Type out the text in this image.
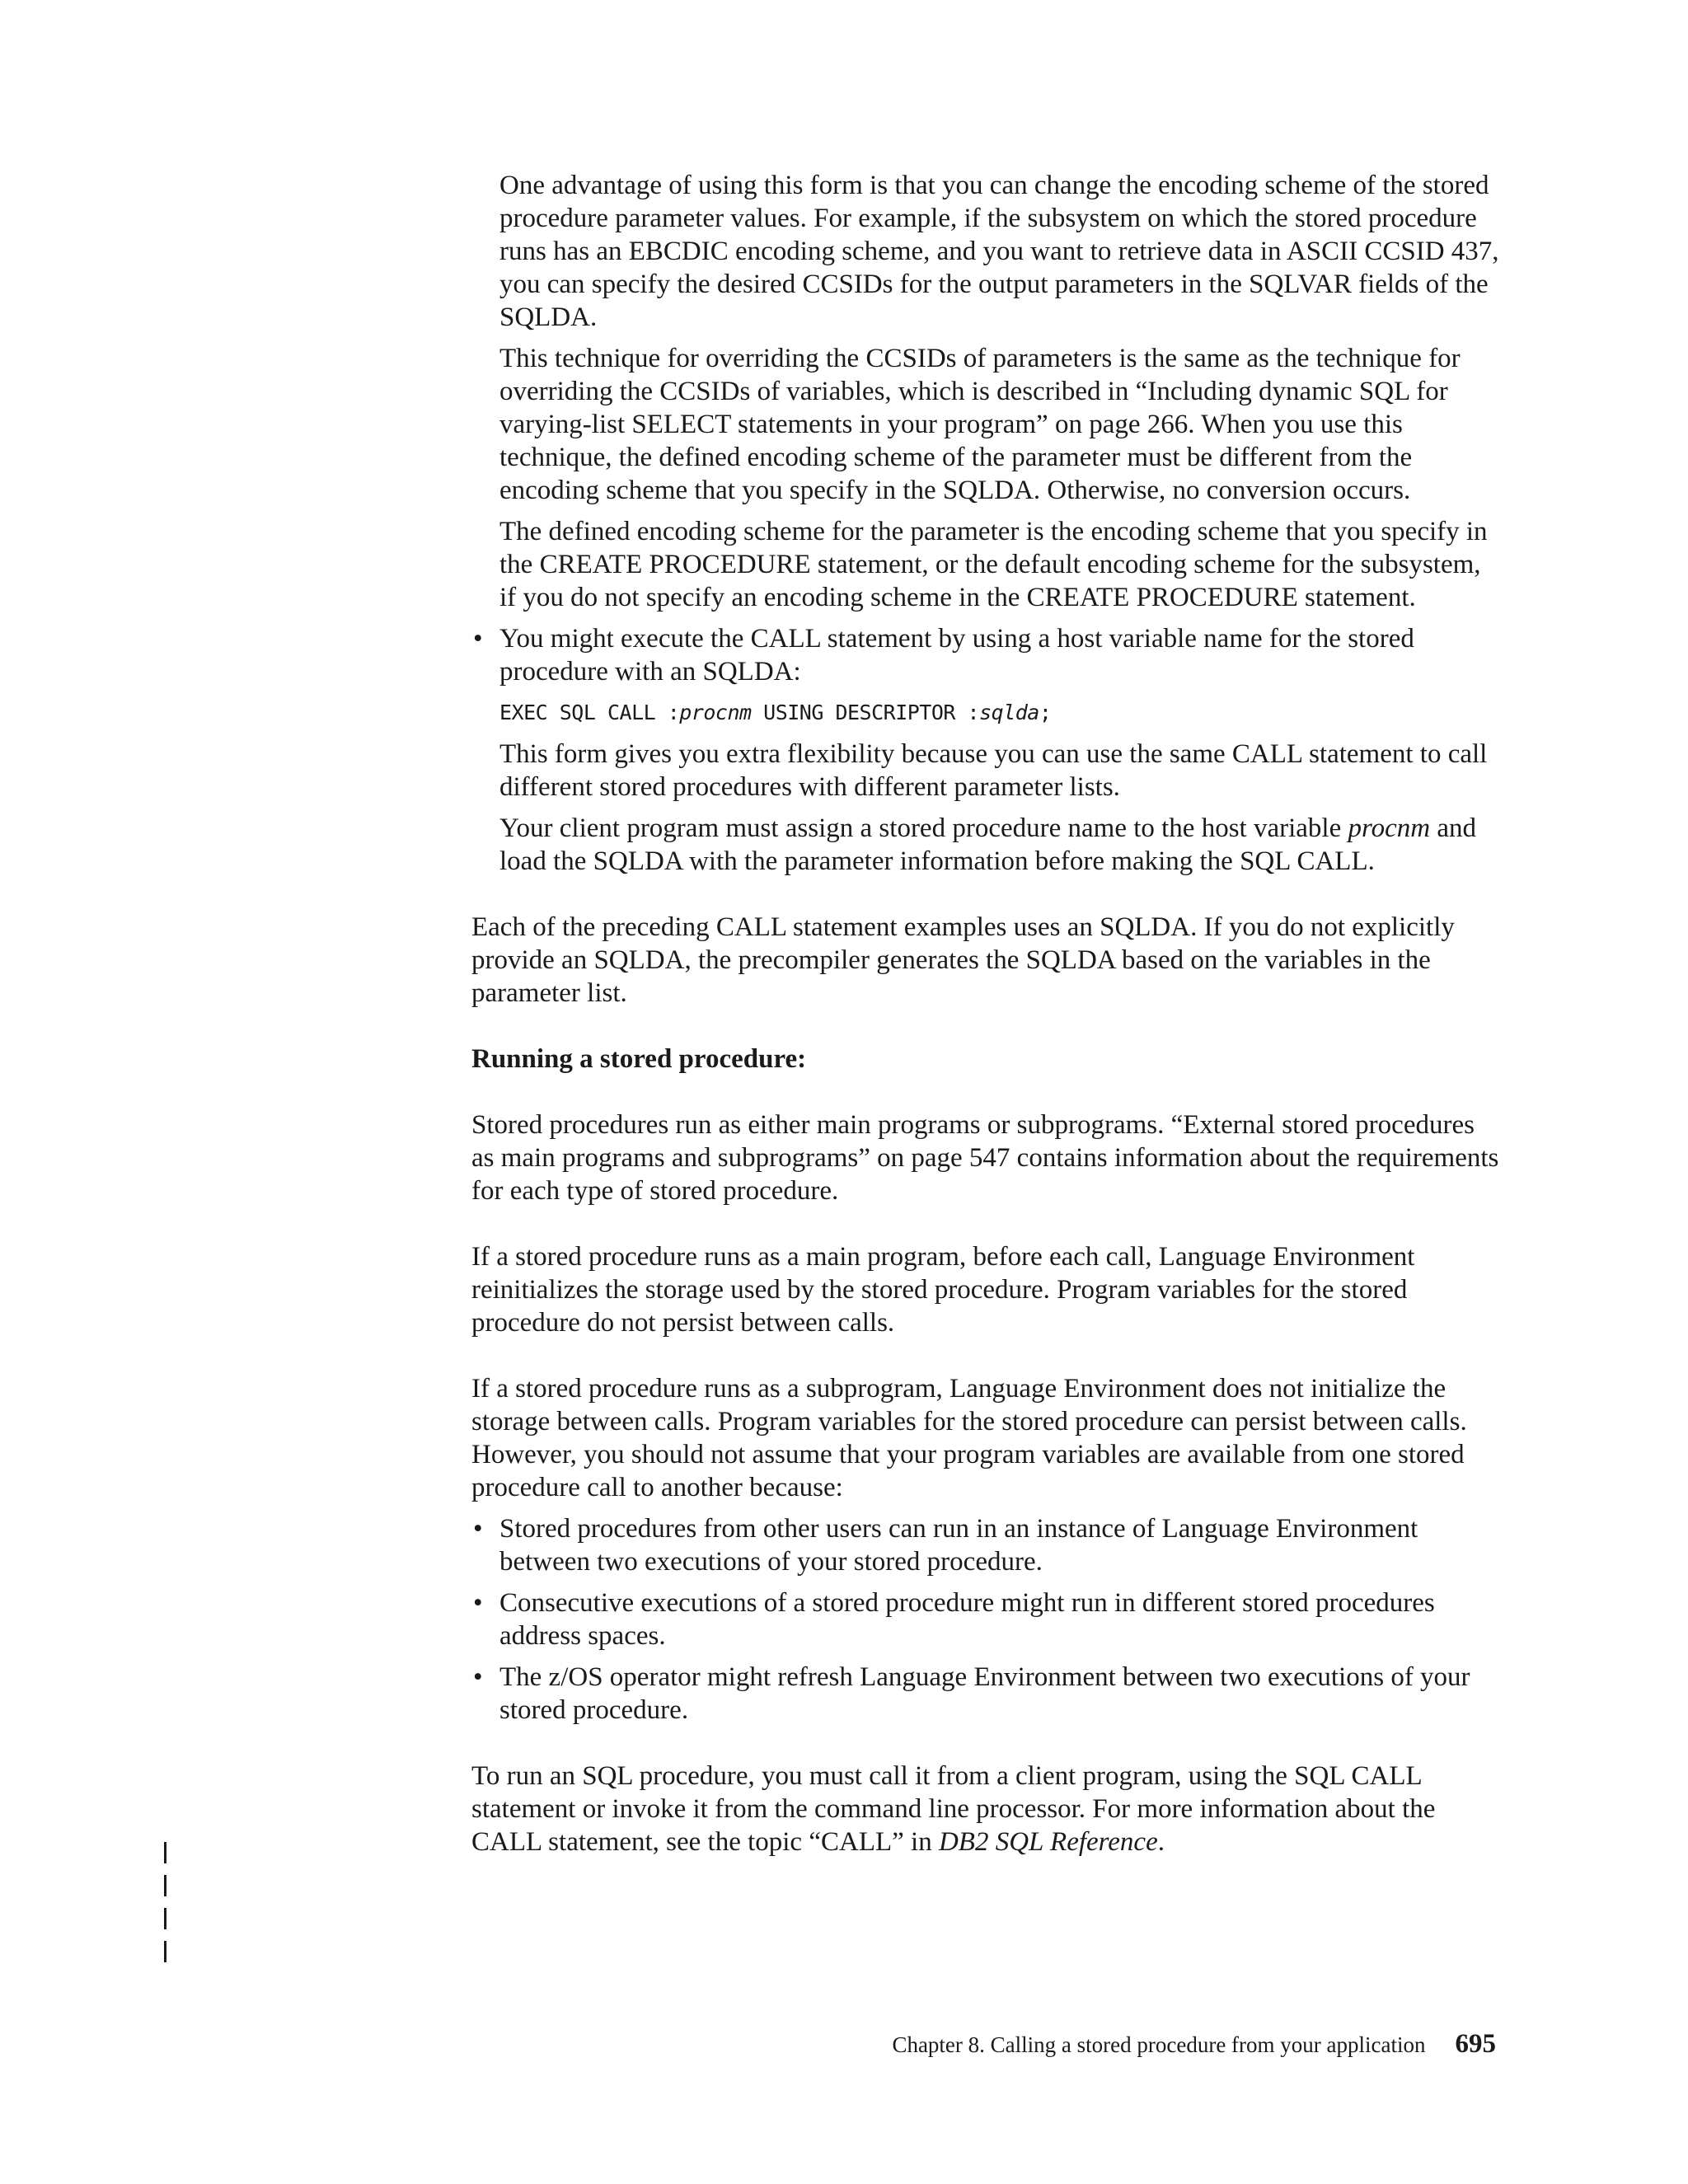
One advantage of using this form is that you can change the encoding scheme of the stored procedure parameter values. For example, if the subsystem on which the stored procedure runs has an EBCDIC encoding scheme, and you want to retrieve data in ASCII CCSID 437, you can specify the desired CCSIDs for the output parameters in the SQLVAR fields of the SQLDA.

This technique for overriding the CCSIDs of parameters is the same as the technique for overriding the CCSIDs of variables, which is described in “Including dynamic SQL for varying-list SELECT statements in your program” on page 266. When you use this technique, the defined encoding scheme of the parameter must be different from the encoding scheme that you specify in the SQLDA. Otherwise, no conversion occurs.

The defined encoding scheme for the parameter is the encoding scheme that you specify in the CREATE PROCEDURE statement, or the default encoding scheme for the subsystem, if you do not specify an encoding scheme in the CREATE PROCEDURE statement.

• You might execute the CALL statement by using a host variable name for the stored procedure with an SQLDA:

EXEC SQL CALL :procnm USING DESCRIPTOR :sqlda;

This form gives you extra flexibility because you can use the same CALL statement to call different stored procedures with different parameter lists.

Your client program must assign a stored procedure name to the host variable procnm and load the SQLDA with the parameter information before making the SQL CALL.

Each of the preceding CALL statement examples uses an SQLDA. If you do not explicitly provide an SQLDA, the precompiler generates the SQLDA based on the variables in the parameter list.

Running a stored procedure:

Stored procedures run as either main programs or subprograms. “External stored procedures as main programs and subprograms” on page 547 contains information about the requirements for each type of stored procedure.

If a stored procedure runs as a main program, before each call, Language Environment reinitializes the storage used by the stored procedure. Program variables for the stored procedure do not persist between calls.

If a stored procedure runs as a subprogram, Language Environment does not initialize the storage between calls. Program variables for the stored procedure can persist between calls. However, you should not assume that your program variables are available from one stored procedure call to another because:

• Stored procedures from other users can run in an instance of Language Environment between two executions of your stored procedure.
• Consecutive executions of a stored procedure might run in different stored procedures address spaces.
• The z/OS operator might refresh Language Environment between two executions of your stored procedure.

To run an SQL procedure, you must call it from a client program, using the SQL CALL statement or invoke it from the command line processor. For more information about the CALL statement, see the topic “CALL” in DB2 SQL Reference.

Chapter 8. Calling a stored procedure from your application 695
